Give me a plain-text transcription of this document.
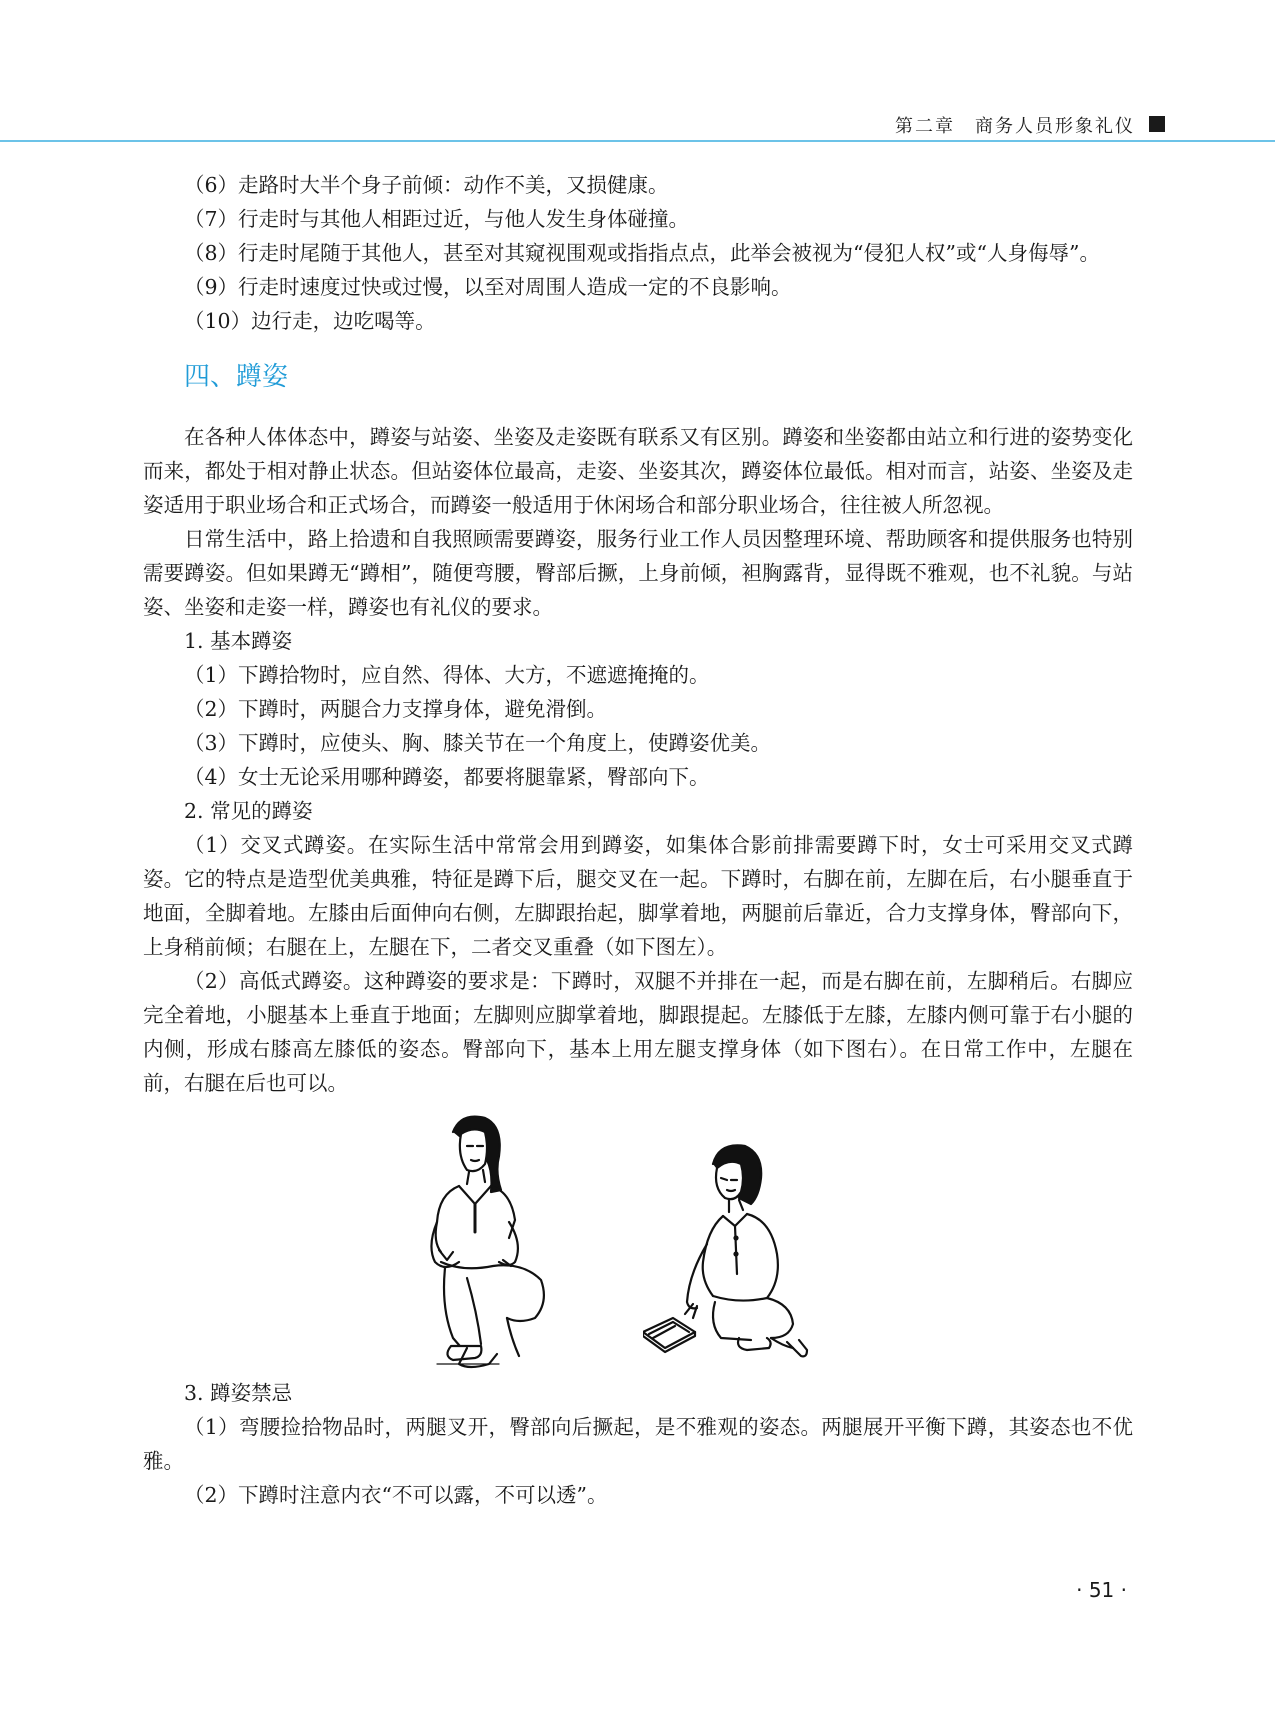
第二章　 商务人员形象礼仪

（6）走路时大半个身子前倾：动作不美，又损健康。

（7）行走时与其他人相距过近，与他人发生身体碰撞。

（8）行走时尾随于其他人，甚至对其窥视围观或指指点点，此举会被视为“侵犯人权”或“人身侮辱”。

（9）行走时速度过快或过慢，以至对周围人造成一定的不良影响。

（10）边行走，边吃喝等。

四、蹲姿

在各种人体体态中，蹲姿与站姿、坐姿及走姿既有联系又有区别。蹲姿和坐姿都由站立和行进的姿势变化而来，都处于相对静止状态。但站姿体位最高，走姿、坐姿其次，蹲姿体位最低。相对而言，站姿、坐姿及走姿适用于职业场合和正式场合，而蹲姿一般适用于休闲场合和部分职业场合，往往被人所忽视。

日常生活中，路上拾遗和自我照顾需要蹲姿，服务行业工作人员因整理环境、帮助顾客和提供服务也特别需要蹲姿。但如果蹲无“蹲相”，随便弯腰，臀部后撅，上身前倾，袒胸露背，显得既不雅观，也不礼貌。与站姿、坐姿和走姿一样，蹲姿也有礼仪的要求。

1. 基本蹲姿

（1）下蹲拾物时，应自然、得体、大方，不遮遮掩掩的。

（2）下蹲时，两腿合力支撑身体，避免滑倒。

（3）下蹲时，应使头、胸、膝关节在一个角度上，使蹲姿优美。

（4）女士无论采用哪种蹲姿，都要将腿靠紧，臀部向下。

2. 常见的蹲姿

（1）交叉式蹲姿。在实际生活中常常会用到蹲姿，如集体合影前排需要蹲下时，女士可采用交叉式蹲姿。它的特点是造型优美典雅，特征是蹲下后，腿交叉在一起。下蹲时，右脚在前，左脚在后，右小腿垂直于地面，全脚着地。左膝由后面伸向右侧，左脚跟抬起，脚掌着地，两腿前后靠近，合力支撑身体，臀部向下，上身稍前倾；右腿在上，左腿在下，二者交叉重叠（如下图左）。

（2）高低式蹲姿。这种蹲姿的要求是：下蹲时，双腿不并排在一起，而是右脚在前，左脚稍后。右脚应完全着地，小腿基本上垂直于地面；左脚则应脚掌着地，脚跟提起。左膝低于左膝，左膝内侧可靠于右小腿的内侧，形成右膝高左膝低的姿态。臀部向下，基本上用左腿支撑身体（如下图右）。在日常工作中，左腿在前，右腿在后也可以。

3. 蹲姿禁忌

（1）弯腰捡拾物品时，两腿叉开，臀部向后撅起，是不雅观的姿态。两腿展开平衡下蹲，其姿态也不优雅。

（2）下蹲时注意内衣“不可以露，不可以透”。

· 51 ·
